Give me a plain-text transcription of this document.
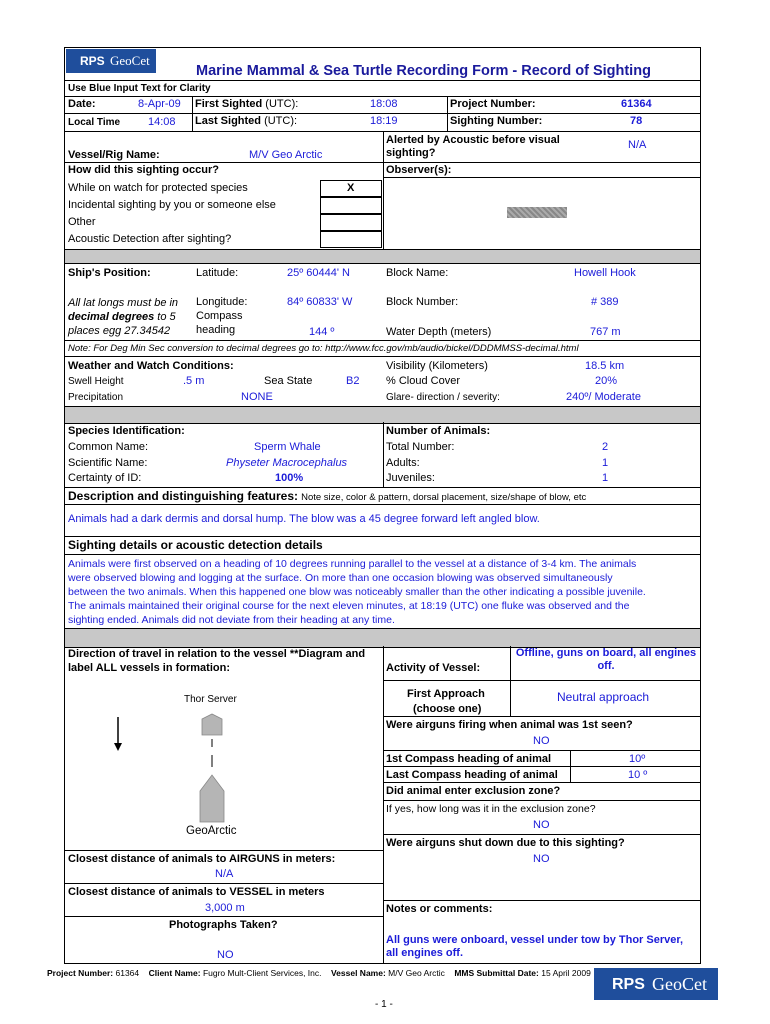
RPS GeoCet
Marine Mammal & Sea Turtle Recording Form - Record of Sighting
Use Blue Input Text for Clarity
Date:	8-Apr-09 First Sighted (UTC):	18:08	Project Number:	61364
Local Time	14:08 Last Sighted (UTC):	18:19	Sighting Number:	78
Vessel/Rig Name:	M/V Geo Arctic
Alerted by Acoustic before visual sighting?
N/A
Observer(s):
How did this sighting occur?
While on watch for protected species	X
Incidental sighting by you or someone else
Other
Acoustic Detection after sighting?
Ship's Position:	Latitude:	25º 60444' N	Block Name:	Howell Hook
All lat longs must be in
decimal degrees to 5
places egg 27.34542
Longitude:	84º 60833' W
Compass
heading	144 º
Block Number:	# 389
Water Depth (meters)	767 m
Note: For Deg Min Sec conversion to decimal degrees go to: http://www.fcc.gov/mb/audio/bickel/DDDMMSS-decimal.html
Weather and Watch Conditions:
Swell Height	.5 m	Sea State	B2
Precipitation	NONE
Visibility (Kilometers)	18.5 km
% Cloud Cover	20%
Glare- direction / severity:	240º/ Moderate
Species Identification:
Common Name:	Sperm Whale
Scientific Name:	Physeter Macrocephalus
Certainty of ID:	100%
Number of Animals:
Total Number:	2
Adults:	1
Juveniles:	1
Description and distinguishing features: Note size, color & pattern, dorsal placement, size/shape of blow, etc
Animals had a dark dermis and dorsal hump. The blow was a 45 degree forward left angled blow.
Sighting details or acoustic detection details
Animals were first observed on a heading of 10 degrees running parallel to the vessel at a distance of 3-4 km. The animals
were observed blowing and logging at the surface. On more than one occasion blowing was observed simultaneously
between the two animals. When this happened one blow was noticeably smaller than the other indicating a possible juvenile.
The animals maintained their original course for the next eleven minutes, at 18:19 (UTC) one fluke was observed and the
sighting ended. Animals did not deviate from their heading at any time.
Direction of travel in relation to the vessel **Diagram and
label ALL vessels in formation:
Thor Server
GeoArctic
Activity of Vessel:
Offline, guns on board, all engines off.
First Approach
(choose one)
Neutral approach
Were airguns firing when animal was 1st seen?
NO
1st Compass heading of animal	10º
Last Compass heading of animal	10 º
Did animal enter exclusion zone?
If yes, how long was it in the exclusion zone?
NO
Were airguns shut down due to this sighting?
NO
Closest distance of animals to AIRGUNS in meters:
N/A
Closest distance of animals to VESSEL in meters
3,000 m
Photographs Taken?
NO
Notes or comments:
All guns were onboard, vessel under tow by Thor Server, all engines off.
Project Number: 61364 Client Name: Fugro Mult-Client Services, Inc. Vessel Name: M/V Geo Arctic MMS Submittal Date: 15 April 2009
RPS GeoCet
- 1 -
